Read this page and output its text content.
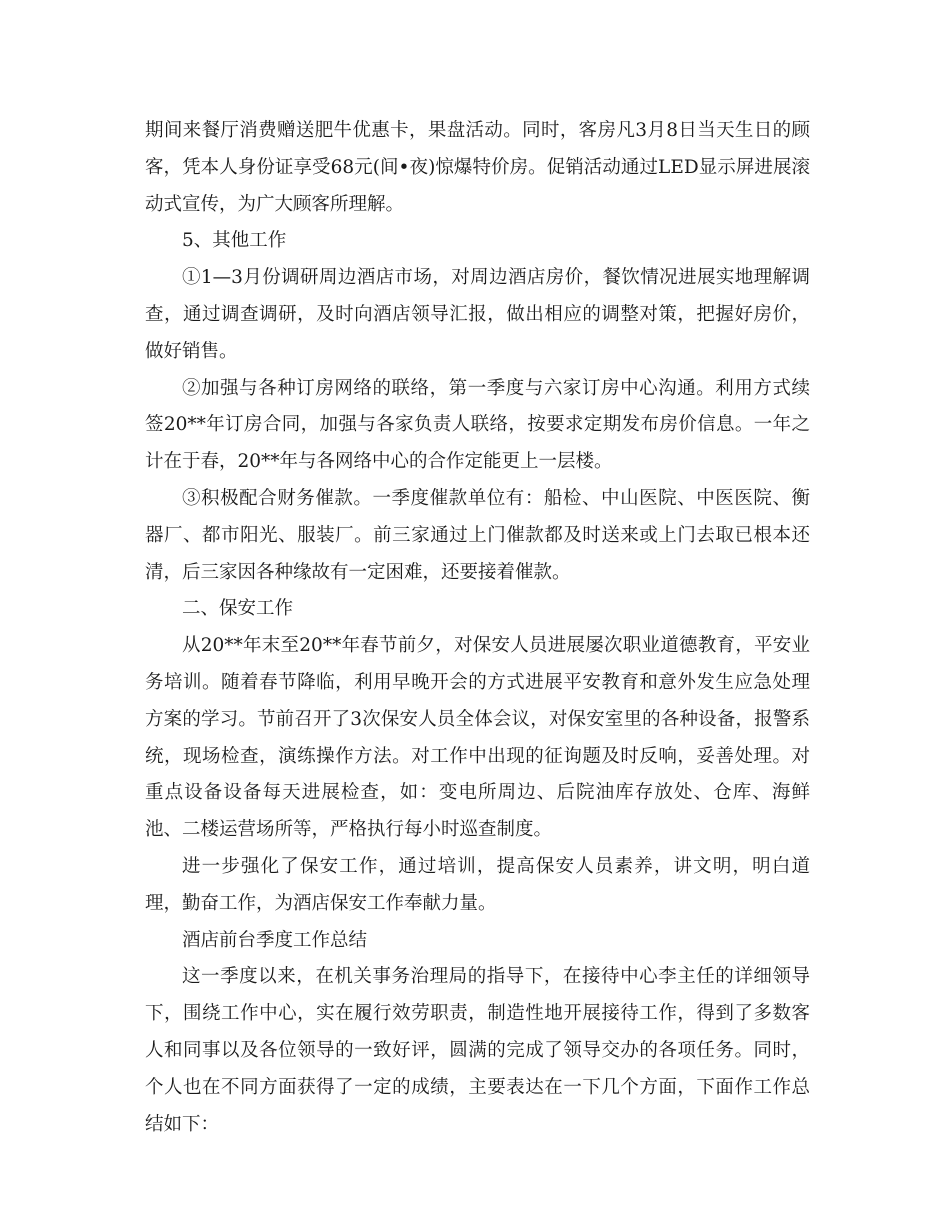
期间来餐厅消费赠送肥牛优惠卡，果盘活动。同时，客房凡3月8日当天生日的顾客，凭本人身份证享受68元(间•夜)惊爆特价房。促销活动通过LED显示屏进展滚动式宣传，为广大顾客所理解。

5、其他工作

①1—3月份调研周边酒店市场，对周边酒店房价，餐饮情况进展实地理解调查，通过调查调研，及时向酒店领导汇报，做出相应的调整对策，把握好房价，做好销售。

②加强与各种订房网络的联络，第一季度与六家订房中心沟通。利用方式续签20**年订房合同，加强与各家负责人联络，按要求定期发布房价信息。一年之计在于春，20**年与各网络中心的合作定能更上一层楼。

③积极配合财务催款。一季度催款单位有：船检、中山医院、中医医院、衡器厂、都市阳光、服装厂。前三家通过上门催款都及时送来或上门去取已根本还清，后三家因各种缘故有一定困难，还要接着催款。

二、保安工作

从20**年末至20**年春节前夕，对保安人员进展屡次职业道德教育，平安业务培训。随着春节降临，利用早晚开会的方式进展平安教育和意外发生应急处理方案的学习。节前召开了3次保安人员全体会议，对保安室里的各种设备，报警系统，现场检查，演练操作方法。对工作中出现的征询题及时反响，妥善处理。对重点设备设备每天进展检查，如：变电所周边、后院油库存放处、仓库、海鲜池、二楼运营场所等，严格执行每小时巡查制度。

进一步强化了保安工作，通过培训，提高保安人员素养，讲文明，明白道理，勤奋工作，为酒店保安工作奉献力量。

酒店前台季度工作总结

这一季度以来，在机关事务治理局的指导下，在接待中心李主任的详细领导下，围绕工作中心，实在履行效劳职责，制造性地开展接待工作，得到了多数客人和同事以及各位领导的一致好评，圆满的完成了领导交办的各项任务。同时，个人也在不同方面获得了一定的成绩，主要表达在一下几个方面，下面作工作总结如下：
